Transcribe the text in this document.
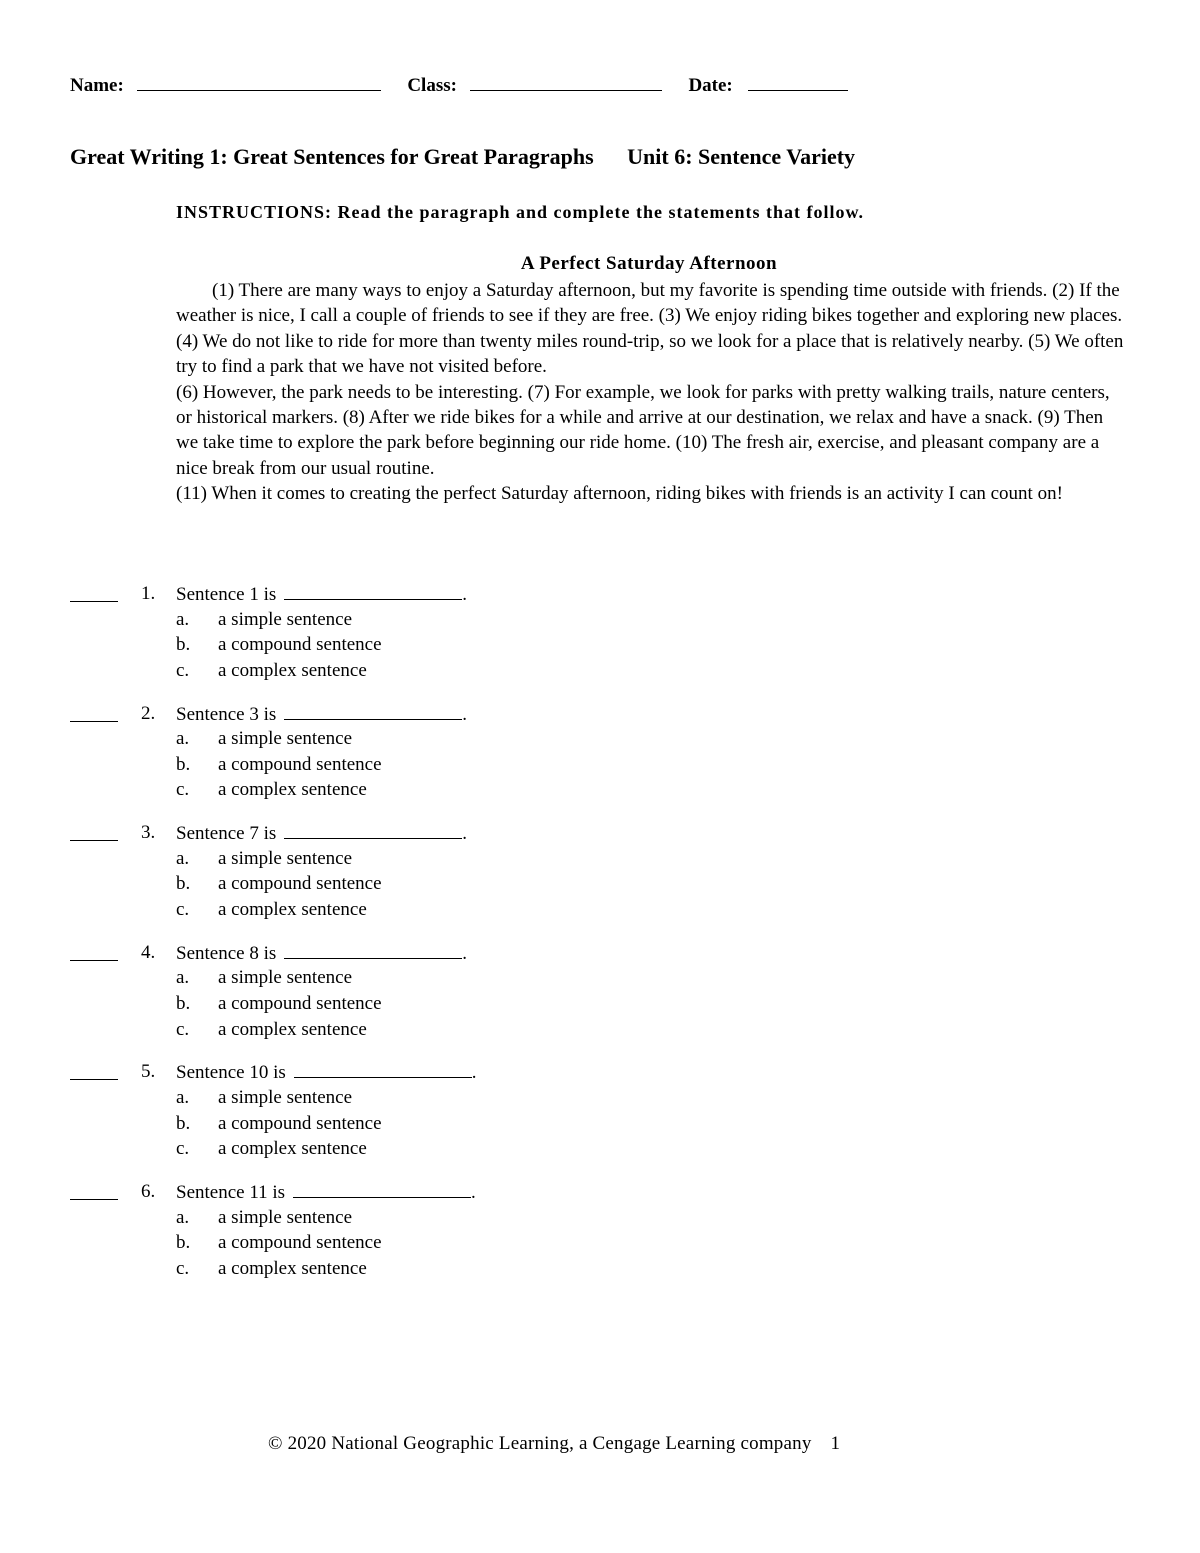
Name:	Class:	Date:
Great Writing 1: Great Sentences for Great Paragraphs Unit 6: Sentence Variety
INSTRUCTIONS: Read the paragraph and complete the statements that follow.
A Perfect Saturday Afternoon

(1) There are many ways to enjoy a Saturday afternoon, but my favorite is spending time outside with friends. (2) If the weather is nice, I call a couple of friends to see if they are free. (3) We enjoy riding bikes together and exploring new places. (4) We do not like to ride for more than twenty miles round-trip, so we look for a place that is relatively nearby. (5) We often try to find a park that we have not visited before.

(6) However, the park needs to be interesting. (7) For example, we look for parks with pretty walking trails, nature centers, or historical markers. (8) After we ride bikes for a while and arrive at our destination, we relax and have a snack. (9) Then we take time to explore the park before beginning our ride home. (10) The fresh air, exercise, and pleasant company are a nice break from our usual routine.

(11) When it comes to creating the perfect Saturday afternoon, riding bikes with friends is an activity I can count on!

1. Sentence 1 is	.
a. a simple sentence
b. a compound sentence
c. a complex sentence
2. Sentence 3 is	.
a. a simple sentence
b. a compound sentence
c. a complex sentence
3. Sentence 7 is	.
a. a simple sentence
b. a compound sentence
c. a complex sentence
4. Sentence 8 is	.
a. a simple sentence
b. a compound sentence
c. a complex sentence
5. Sentence 10 is	.
a. a simple sentence
b. a compound sentence
c. a complex sentence
6. Sentence 11 is	.
a. a simple sentence
b. a compound sentence
c. a complex sentence
© 2020 National Geographic Learning, a Cengage Learning company 1
